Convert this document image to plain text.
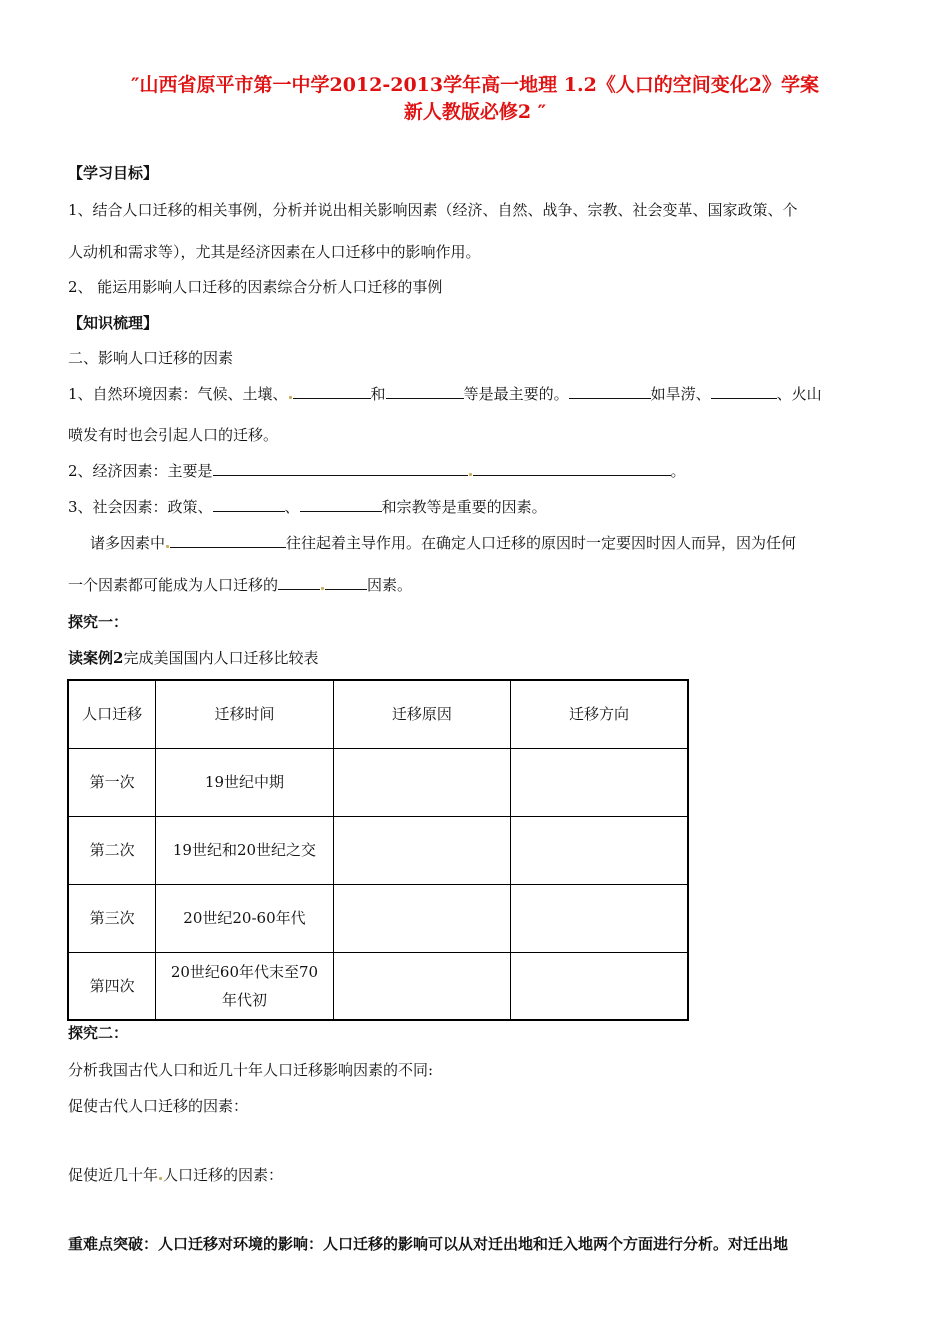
″山西省原平市第一中学2012-2013学年高一地理 1.2《人口的空间变化2》学案
新人教版必修2 ″
【学习目标】
1、结合人口迁移的相关事例，分析并说出相关影响因素（经济、自然、战争、宗教、社会变革、国家政策、个
人动机和需求等），尤其是经济因素在人口迁移中的影响作用。
2、 能运用影响人口迁移的因素综合分析人口迁移的事例
【知识梳理】
二、影响人口迁移的因素
1、自然环境因素：气候、土壤、	和	等是最主要的。	如旱涝、	、火山
喷发有时也会引起人口的迁移。
2、经济因素：主要是	。
3、社会因素：政策、	、	和宗教等是重要的因素。
诸多因素中	往往起着主导作用。在确定人口迁移的原因时一定要因时因人而异，因为任何
一个因素都可能成为人口迁移的	因素。
探究一：
读案例2完成美国国内人口迁移比较表
人口迁移	迁移时间	迁移原因	迁移方向
第一次	19世纪中期		
第二次	19世纪和20世纪之交		
第三次	20世纪20-60年代		
第四次	20世纪60年代末至70
年代初		

探究二：
分析我国古代人口和近几十年人口迁移影响因素的不同:
促使古代人口迁移的因素：
促使近几十年 人口迁移的因素：
重难点突破：人口迁移对环境的影响：人口迁移的影响可以从对迁出地和迁入地两个方面进行分析。对迁出地
